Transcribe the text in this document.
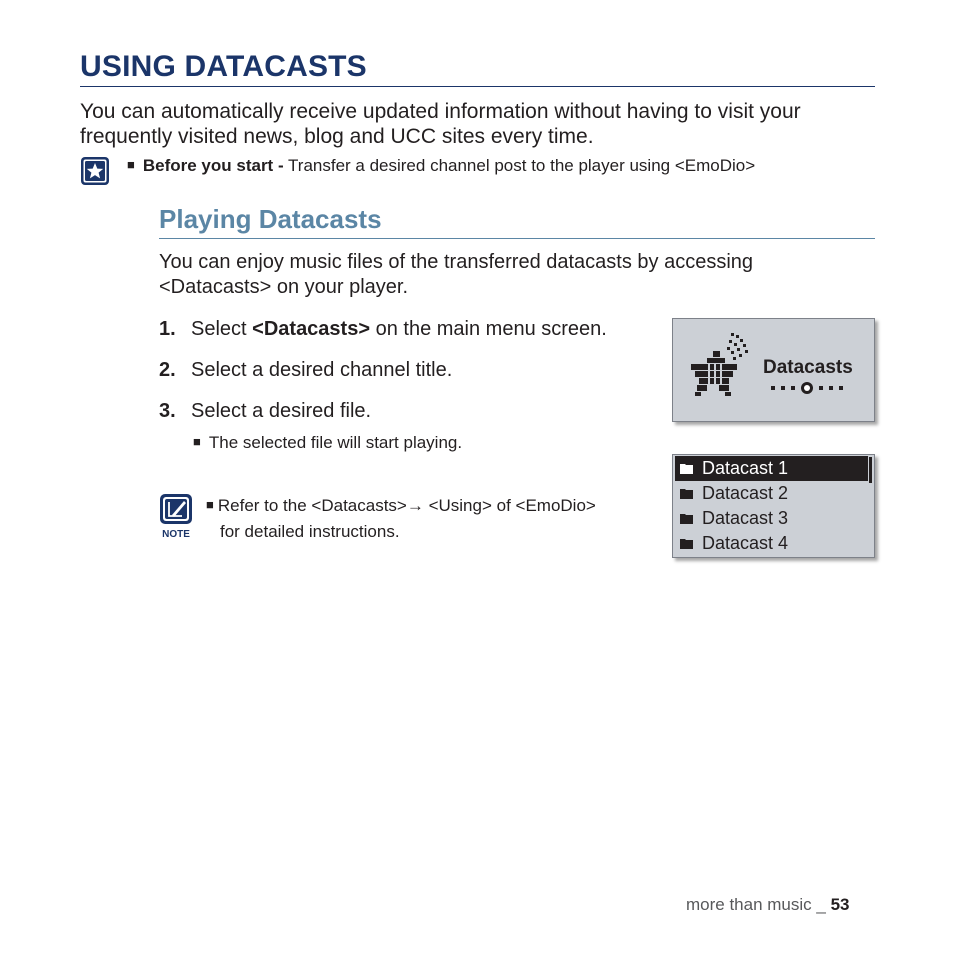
USING DATACASTS
You can automatically receive updated information without having to visit your frequently visited news, blog and UCC sites every time.
■ Before you start - Transfer a desired channel post to the player using <EmoDio>
Playing Datacasts
You can enjoy music files of the transferred datacasts by accessing <Datacasts> on your player.
1. Select <Datacasts> on the main menu screen.
2. Select a desired channel title.
3. Select a desired file.
■ The selected file will start playing.
NOTE
■ Refer to the <Datacasts>→ <Using> of <EmoDio>
for detailed instructions.
Datacasts
Datacast 1
Datacast 2
Datacast 3
Datacast 4
more than music _ 53
